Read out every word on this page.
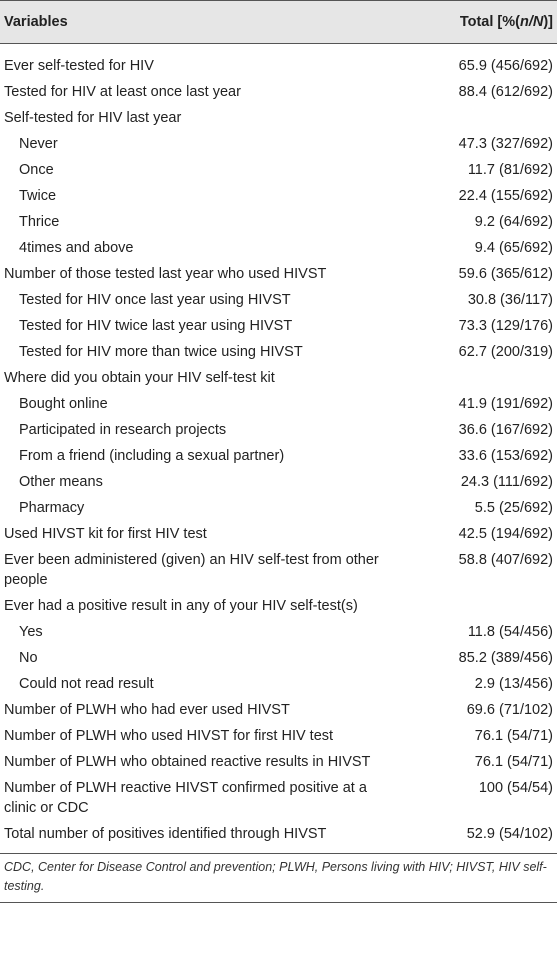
Variables	Total [%(n/N)]
Ever self-tested for HIV	65.9 (456/692)
Tested for HIV at least once last year	88.4 (612/692)
Self-tested for HIV last year	
Never	47.3 (327/692)
Once	11.7 (81/692)
Twice	22.4 (155/692)
Thrice	9.2 (64/692)
4times and above	9.4 (65/692)
Number of those tested last year who used HIVST	59.6 (365/612)
Tested for HIV once last year using HIVST	30.8 (36/117)
Tested for HIV twice last year using HIVST	73.3 (129/176)
Tested for HIV more than twice using HIVST	62.7 (200/319)
Where did you obtain your HIV self-test kit	
Bought online	41.9 (191/692)
Participated in research projects	36.6 (167/692)
From a friend (including a sexual partner)	33.6 (153/692)
Other means	24.3 (111/692)
Pharmacy	5.5 (25/692)
Used HIVST kit for first HIV test	42.5 (194/692)
Ever been administered (given) an HIV self-test from other people	58.8 (407/692)
Ever had a positive result in any of your HIV self-test(s)	
Yes	11.8 (54/456)
No	85.2 (389/456)
Could not read result	2.9 (13/456)
Number of PLWH who had ever used HIVST	69.6 (71/102)
Number of PLWH who used HIVST for first HIV test	76.1 (54/71)
Number of PLWH who obtained reactive results in HIVST	76.1 (54/71)
Number of PLWH reactive HIVST confirmed positive at a clinic or CDC	100 (54/54)
Total number of positives identified through HIVST	52.9 (54/102)
CDC, Center for Disease Control and prevention; PLWH, Persons living with HIV; HIVST, HIV self-testing.
